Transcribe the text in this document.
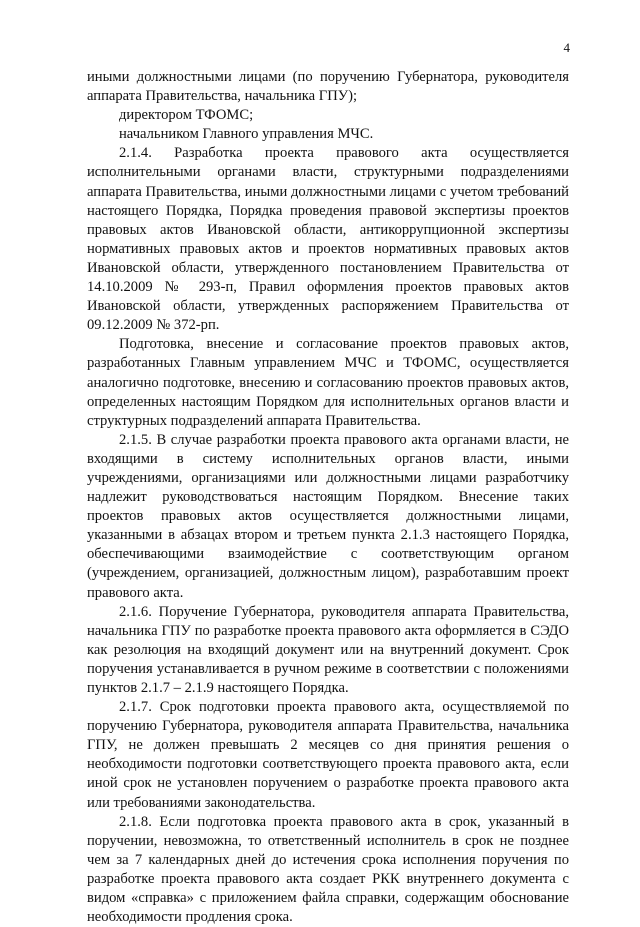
4

иными должностными лицами (по поручению Губернатора, руководителя аппарата Правительства, начальника ГПУ);

директором ТФОМС;

начальником Главного управления МЧС.

2.1.4. Разработка проекта правового акта осуществляется исполнительными органами власти, структурными подразделениями аппарата Правительства, иными должностными лицами с учетом требований настоящего Порядка, Порядка проведения правовой экспертизы проектов правовых актов Ивановской области, антикоррупционной экспертизы нормативных правовых актов и проектов нормативных правовых актов Ивановской области, утвержденного постановлением Правительства от 14.10.2009 № 293-п, Правил оформления проектов правовых актов Ивановской области, утвержденных распоряжением Правительства от 09.12.2009 № 372-рп.

Подготовка, внесение и согласование проектов правовых актов, разработанных Главным управлением МЧС и ТФОМС, осуществляется аналогично подготовке, внесению и согласованию проектов правовых актов, определенных настоящим Порядком для исполнительных органов власти и структурных подразделений аппарата Правительства.

2.1.5. В случае разработки проекта правового акта органами власти, не входящими в систему исполнительных органов власти, иными учреждениями, организациями или должностными лицами разработчику надлежит руководствоваться настоящим Порядком. Внесение таких проектов правовых актов осуществляется должностными лицами, указанными в абзацах втором и третьем пункта 2.1.3 настоящего Порядка, обеспечивающими взаимодействие с соответствующим органом (учреждением, организацией, должностным лицом), разработавшим проект правового акта.

2.1.6. Поручение Губернатора, руководителя аппарата Правительства, начальника ГПУ по разработке проекта правового акта оформляется в СЭДО как резолюция на входящий документ или на внутренний документ. Срок поручения устанавливается в ручном режиме в соответствии с положениями пунктов 2.1.7 – 2.1.9 настоящего Порядка.

2.1.7. Срок подготовки проекта правового акта, осуществляемой по поручению Губернатора, руководителя аппарата Правительства, начальника ГПУ, не должен превышать 2 месяцев со дня принятия решения о необходимости подготовки соответствующего проекта правового акта, если иной срок не установлен поручением о разработке проекта правового акта или требованиями законодательства.

2.1.8. Если подготовка проекта правового акта в срок, указанный в поручении, невозможна, то ответственный исполнитель в срок не позднее чем за 7 календарных дней до истечения срока исполнения поручения по разработке проекта правового акта создает РКК внутреннего документа с видом «справка» с приложением файла справки, содержащим обоснование необходимости продления срока.
